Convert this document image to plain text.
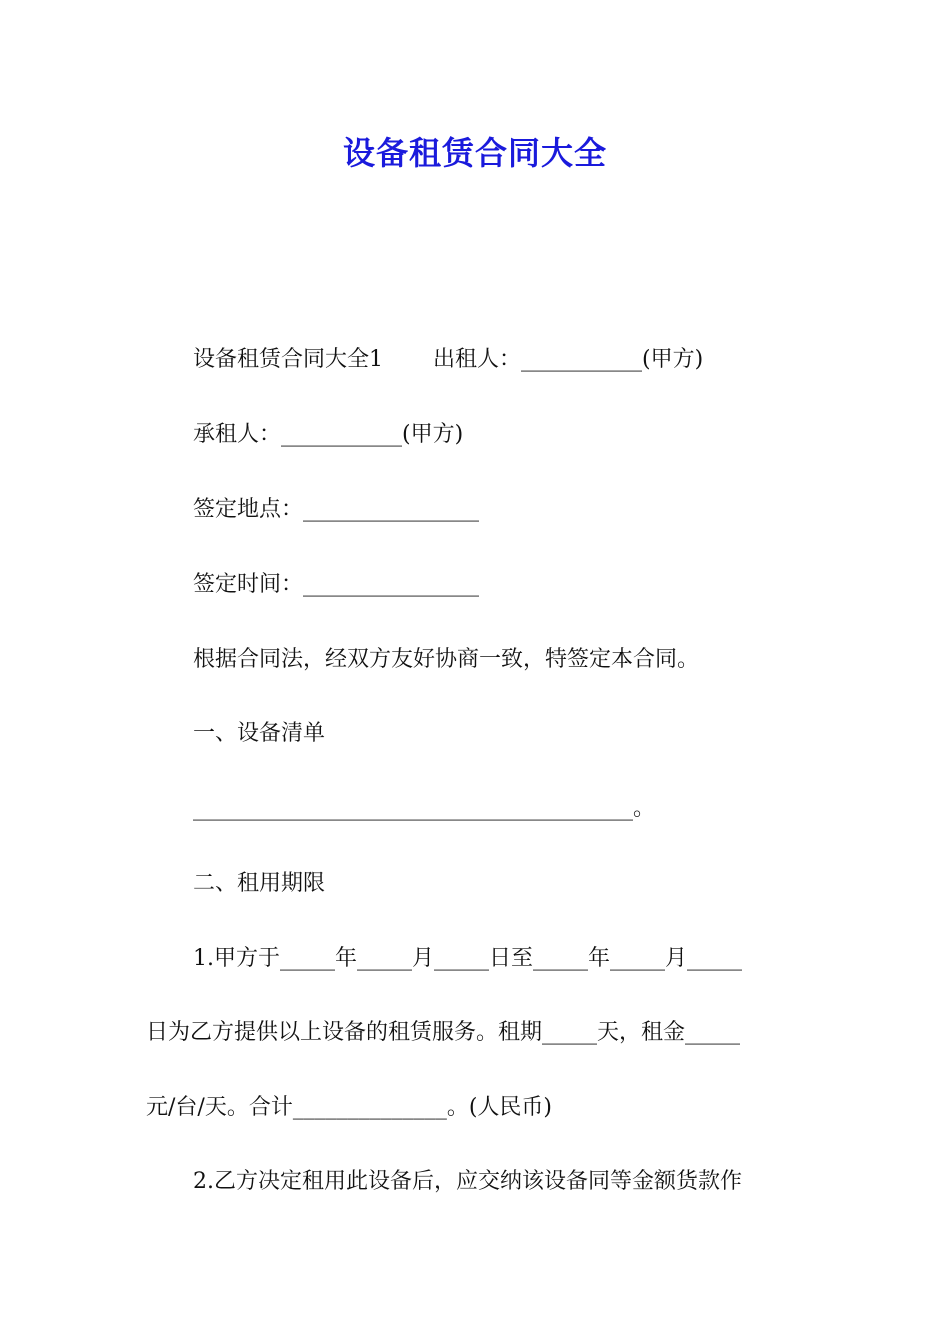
设备租赁合同大全
设备租赁合同大全1 出租人：___________(甲方)

承租人：___________(甲方)

签定地点：________________

签定时间：________________

根据合同法，经双方友好协商一致，特签定本合同。

一、设备清单

________________________________________。

二、租用期限

1.甲方于_____年_____月_____日至_____年_____月_____

日为乙方提供以上设备的租赁服务。租期_____天，租金_____

元/台/天。合计______________。(人民币)

2.乙方决定租用此设备后，应交纳该设备同等金额货款作
